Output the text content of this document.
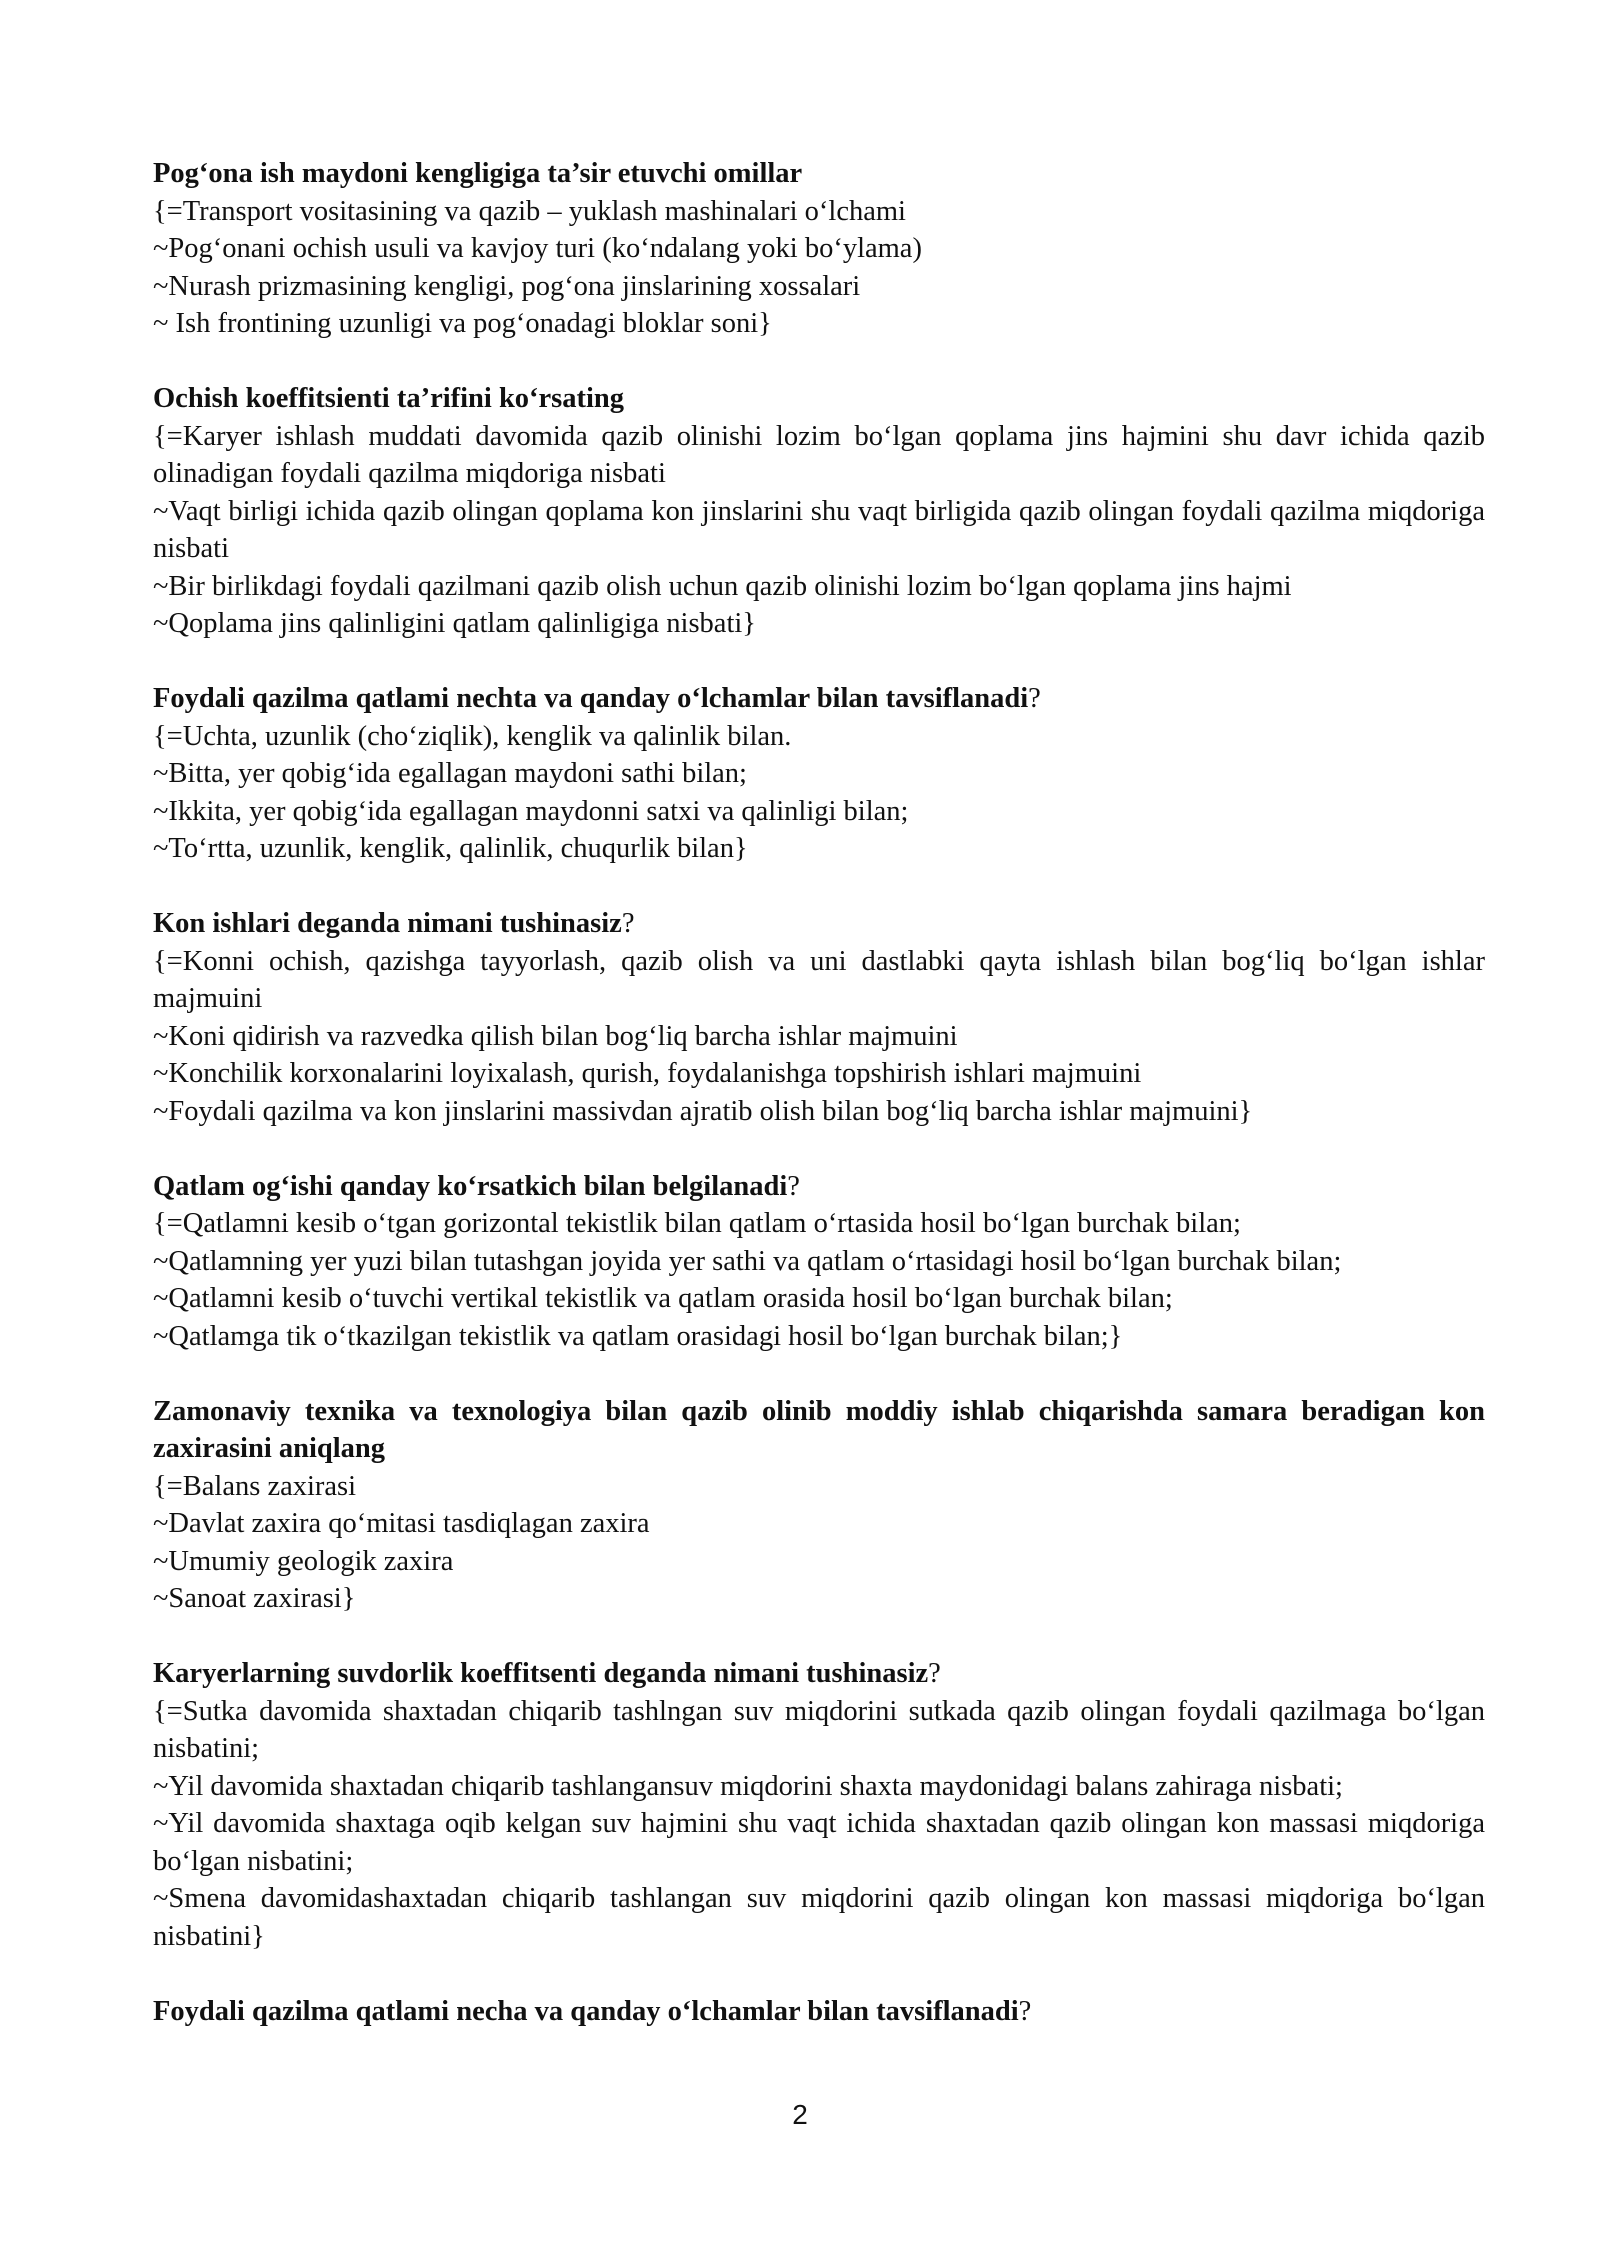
Pog‘ona ish maydoni kengligiga ta’sir etuvchi omillar
{=Transport vositasining va qazib – yuklash mashinalari o‘lchami
~Pog‘onani ochish usuli va kavjoy turi (ko‘ndalang yoki bo‘ylama)
~Nurash prizmasining kengligi, pog‘ona jinslarining xossalari
~ Ish frontining uzunligi va pog‘onadagi bloklar soni}
Ochish koeffitsienti ta’rifini ko‘rsating
{=Karyer ishlash muddati davomida qazib olinishi lozim bo‘lgan qoplama jins hajmini shu davr ichida qazib olinadigan foydali qazilma miqdoriga nisbati
~Vaqt birligi ichida qazib olingan qoplama kon jinslarini shu vaqt birligida qazib olingan foydali qazilma miqdoriga nisbati
~Bir birlikdagi foydali qazilmani qazib olish uchun qazib olinishi lozim bo‘lgan qoplama jins hajmi
~Qoplama jins qalinligini qatlam qalinligiga nisbati}
Foydali qazilma qatlami nechta va qanday o‘lchamlar bilan tavsiflanadi?
{=Uchta, uzunlik (cho‘ziqlik), kenglik va qalinlik bilan.
~Bitta, yer qobig‘ida egallagan maydoni sathi bilan;
~Ikkita, yer qobig‘ida egallagan maydonni satxi va qalinligi bilan;
~To‘rtta, uzunlik, kenglik, qalinlik, chuqurlik bilan}
Kon ishlari deganda nimani tushinasiz?
{=Konni ochish, qazishga tayyorlash, qazib olish va uni dastlabki qayta ishlash bilan bog‘liq bo‘lgan ishlar majmuini
~Koni qidirish va razvedka qilish bilan bog‘liq barcha ishlar majmuini
~Konchilik korxonalarini loyixalash, qurish, foydalanishga topshirish ishlari majmuini
~Foydali qazilma va kon jinslarini massivdan ajratib olish bilan bog‘liq barcha ishlar majmuini}
Qatlam og‘ishi qanday ko‘rsatkich bilan belgilanadi?
{=Qatlamni kesib o‘tgan gorizontal tekistlik bilan qatlam o‘rtasida hosil bo‘lgan burchak bilan;
~Qatlamning yer yuzi bilan tutashgan joyida yer sathi va qatlam o‘rtasidagi hosil bo‘lgan burchak bilan;
~Qatlamni kesib o‘tuvchi vertikal tekistlik va qatlam orasida hosil bo‘lgan burchak bilan;
~Qatlamga tik o‘tkazilgan tekistlik va qatlam orasidagi hosil bo‘lgan burchak bilan;}
Zamonaviy texnika va texnologiya bilan qazib olinib moddiy ishlab chiqarishda samara beradigan kon zaxirasini aniqlang
{=Balans zaxirasi
~Davlat zaxira qo‘mitasi tasdiqlagan zaxira
~Umumiy geologik zaxira
~Sanoat zaxirasi}
Karyerlarning suvdorlik koeffitsenti deganda nimani tushinasiz?
{=Sutka davomida shaxtadan chiqarib tashlngan suv miqdorini sutkada qazib olingan foydali qazilmaga bo‘lgan nisbatini;
~Yil davomida shaxtadan chiqarib tashlangansuv miqdorini shaxta maydonidagi balans zahiraga nisbati;
~Yil davomida shaxtaga oqib kelgan suv hajmini shu vaqt ichida shaxtadan qazib olingan kon massasi miqdoriga bo‘lgan nisbatini;
~Smena davomidashaxtadan chiqarib tashlangan suv miqdorini qazib olingan kon massasi miqdoriga bo‘lgan nisbatini}
Foydali qazilma qatlami necha va qanday o‘lchamlar bilan tavsiflanadi?
2
